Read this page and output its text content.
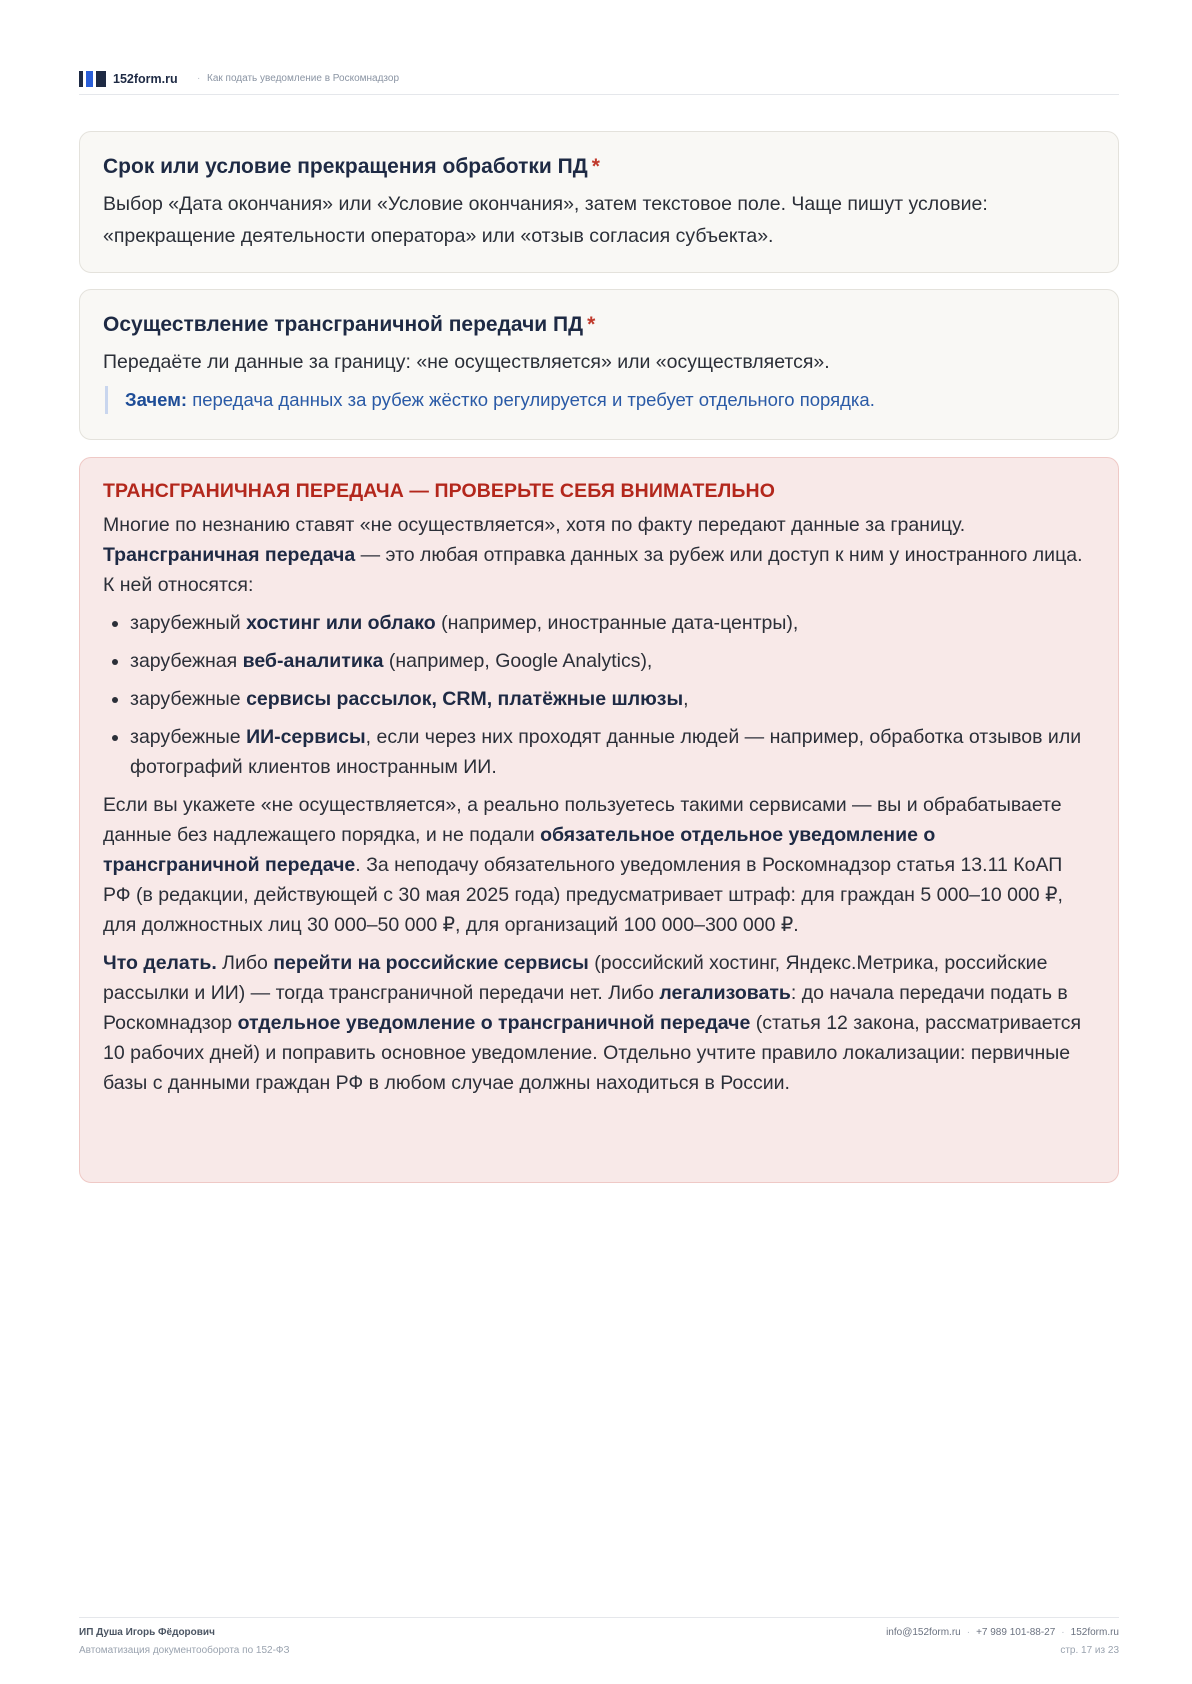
152form.ru · Как подать уведомление в Роскомнадзор
Срок или условие прекращения обработки ПД *

Выбор «Дата окончания» или «Условие окончания», затем текстовое поле. Чаще пишут условие: «прекращение деятельности оператора» или «отзыв согласия субъекта».

Осуществление трансграничной передачи ПД *

Передаёте ли данные за границу: «не осуществляется» или «осуществляется».

Зачем: передача данных за рубеж жёстко регулируется и требует отдельного порядка.
ТРАНСГРАНИЧНАЯ ПЕРЕДАЧА — ПРОВЕРЬТЕ СЕБЯ ВНИМАТЕЛЬНО

Многие по незнанию ставят «не осуществляется», хотя по факту передают данные за границу.
Трансграничная передача — это любая отправка данных за рубеж или доступ к ним у иностранного лица. К ней относятся:

• зарубежный хостинг или облако (например, иностранные дата-центры),
• зарубежная веб-аналитика (например, Google Analytics),
• зарубежные сервисы рассылок, CRM, платёжные шлюзы,
• зарубежные ИИ-сервисы, если через них проходят данные людей — например, обработка отзывов или фотографий клиентов иностранным ИИ.

Если вы укажете «не осуществляется», а реально пользуетесь такими сервисами — вы и обрабатываете данные без надлежащего порядка, и не подали обязательное отдельное уведомление о трансграничной передаче. За неподачу обязательного уведомления в Роскомнадзор статья 13.11 КоАП РФ (в редакции, действующей с 30 мая 2025 года) предусматривает штраф: для граждан 5 000–10 000 ₽, для должностных лиц 30 000–50 000 ₽, для организаций 100 000–300 000 ₽.

Что делать. Либо перейти на российские сервисы (российский хостинг, Яндекс.Метрика, российские рассылки и ИИ) — тогда трансграничной передачи нет. Либо легализовать: до начала передачи подать в Роскомнадзор отдельное уведомление о трансграничной передаче (статья 12 закона, рассматривается 10 рабочих дней) и поправить основное уведомление. Отдельно учтите правило локализации: первичные базы с данными граждан РФ в любом случае должны находиться в России.

ИП Душа Игорь Фёдорович
Автоматизация документооборота по 152-ФЗ
info@152form.ru · +7 989 101-88-27 · 152form.ru
стр. 17 из 23
